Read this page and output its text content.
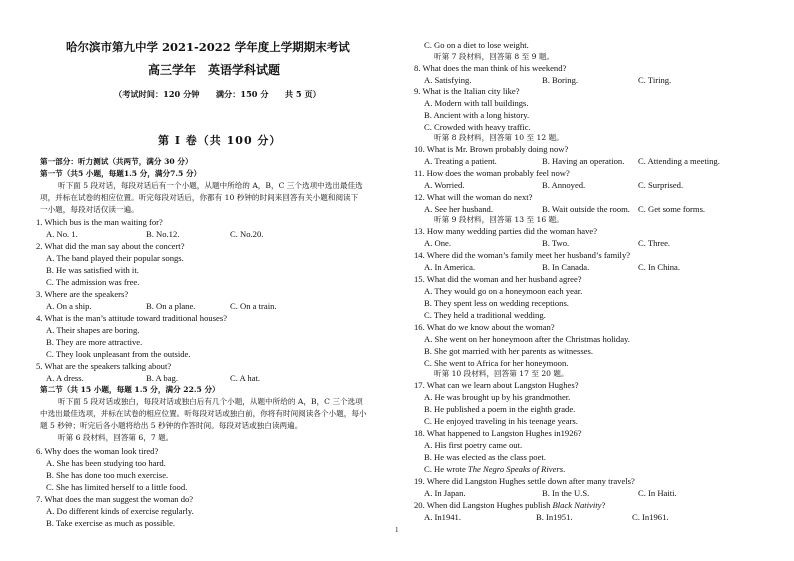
哈尔滨市第九中学 2021-2022 学年度上学期期末考试
高三学年　英语学科试题
（考试时间：120 分钟　　满分：150 分　　共 5 页）
第 Ⅰ 卷（共 100 分）
第一部分：听力测试（共两节，满分 30 分）
第一节（共5 小题，每题1.5 分，满分7.5 分）
听下面 5 段对话，每段对话后有一个小题，从题中所给的 A，B，C 三个选项中选出最佳选
项，并标在试卷的相应位置。听完每段对话后，你都有 10 秒钟的时间来回答有关小题和阅读下
一小题，每段对话仅读一遍。
1. Which bus is the man waiting for?
A. No. 1.	B. No.12.	C. No.20.
2. What did the man say about the concert?
A. The band played their popular songs.
B. He was satisfied with it.
C. The admission was free.
3. Where are the speakers?
A. On a ship.	B. On a plane.	C. On a train.
4. What is the man’s attitude toward traditional houses?
A. Their shapes are boring.
B. They are more attractive.
C. They look unpleasant from the outside.
5. What are the speakers talking about?
A. A dress.	B. A bag.	C. A hat.
第二节（共 15 小题，每题 1.5 分，满分 22.5 分）
听下面 5 段对话或独白，每段对话或独白后有几个小题，从题中所给的 A，B，C 三个选项
中选出最佳选项，并标在试卷的相应位置。听每段对话或独白前，你将有时间阅读各个小题，每小
题 5 秒钟；听完后各小题将给出 5 秒钟的作答时间。每段对话或独白读两遍。
听第 6 段材料，回答第 6，7 题。
6. Why does the woman look tired?
A. She has been studying too hard.
B. She has done too much exercise.
C. She has limited herself to a little food.
7. What does the man suggest the woman do?
A. Do different kinds of exercise regularly.
B. Take exercise as much as possible.
C. Go on a diet to lose weight.
听第 7 段材料，回答第 8 至 9 题。
8. What does the man think of his weekend?
A. Satisfying.	B. Boring.	C. Tiring.
9. What is the Italian city like?
A. Modern with tall buildings.
B. Ancient with a long history.
C. Crowded with heavy traffic.
听第 8 段材料，回答第 10 至 12 题。
10. What is Mr. Brown probably doing now?
A. Treating a patient.	B. Having an operation. C. Attending a meeting.
11. How does the woman probably feel now?
A. Worried.	B. Annoyed.	C. Surprised.
12. What will the woman do next?
A. See her husband.	B. Wait outside the room. C. Get some forms.
听第 9 段材料，回答第 13 至 16 题。
13. How many wedding parties did the woman have?
A. One.	B. Two.	C. Three.
14. Where did the woman’s family meet her husband’s family?
A. In America.	B. In Canada.	C. In China.
15. What did the woman and her husband agree?
A. They would go on a honeymoon each year.
B. They spent less on wedding receptions.
C. They held a traditional wedding.
16. What do we know about the woman?
A. She went on her honeymoon after the Christmas holiday.
B. She got married with her parents as witnesses.
C. She went to Africa for her honeymoon.
听第 10 段材料，回答第 17 至 20 题。
17. What can we learn about Langston Hughes?
A. He was brought up by his grandmother.
B. He published a poem in the eighth grade.
C. He enjoyed traveling in his teenage years.
18. What happened to Langston Hughes in1926?
A. His first poetry came out.
B. He was elected as the class poet.
C. He wrote The Negro Speaks of Rivers.
19. Where did Langston Hughes settle down after many travels?
A. In Japan.	B. In the U.S.	C. In Haiti.
20. When did Langston Hughes publish Black Nativity?
A. In1941.	B. In1951.	C. In1961.
1
